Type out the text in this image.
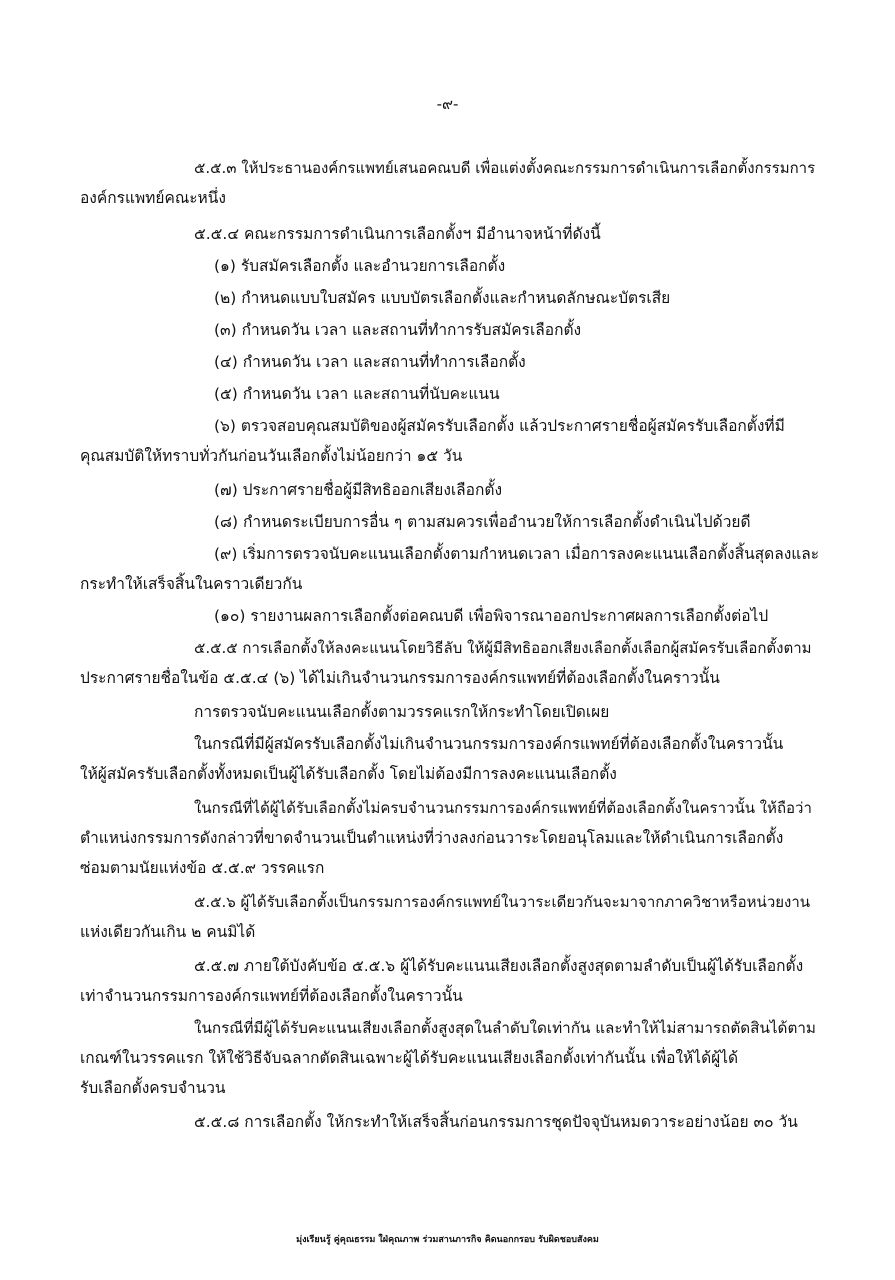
-๙-
๕.๕.๓ ให้ประธานองค์กรแพทย์เสนอคณบดี เพื่อแต่งตั้งคณะกรรมการดำเนินการเลือกตั้งกรรมการ
องค์กรแพทย์คณะหนึ่ง
๕.๕.๔ คณะกรรมการดำเนินการเลือกตั้งฯ มีอำนาจหน้าที่ดังนี้
(๑) รับสมัครเลือกตั้ง และอำนวยการเลือกตั้ง
(๒) กำหนดแบบใบสมัคร แบบบัตรเลือกตั้งและกำหนดลักษณะบัตรเสีย
(๓) กำหนดวัน เวลา และสถานที่ทำการรับสมัครเลือกตั้ง
(๔) กำหนดวัน เวลา และสถานที่ทำการเลือกตั้ง
(๕) กำหนดวัน เวลา และสถานที่นับคะแนน
(๖) ตรวจสอบคุณสมบัติของผู้สมัครรับเลือกตั้ง แล้วประกาศรายชื่อผู้สมัครรับเลือกตั้งที่มี
คุณสมบัติให้ทราบทั่วกันก่อนวันเลือกตั้งไม่น้อยกว่า ๑๕ วัน
(๗) ประกาศรายชื่อผู้มีสิทธิออกเสียงเลือกตั้ง
(๘) กำหนดระเบียบการอื่น ๆ ตามสมควรเพื่ออำนวยให้การเลือกตั้งดำเนินไปด้วยดี
(๙) เริ่มการตรวจนับคะแนนเลือกตั้งตามกำหนดเวลา เมื่อการลงคะแนนเลือกตั้งสิ้นสุดลงและ
กระทำให้เสร็จสิ้นในคราวเดียวกัน
(๑๐) รายงานผลการเลือกตั้งต่อคณบดี เพื่อพิจารณาออกประกาศผลการเลือกตั้งต่อไป
๕.๕.๕ การเลือกตั้งให้ลงคะแนนโดยวิธีลับ ให้ผู้มีสิทธิออกเสียงเลือกตั้งเลือกผู้สมัครรับเลือกตั้งตาม
ประกาศรายชื่อในข้อ ๕.๕.๔ (๖) ได้ไม่เกินจำนวนกรรมการองค์กรแพทย์ที่ต้องเลือกตั้งในคราวนั้น
การตรวจนับคะแนนเลือกตั้งตามวรรคแรกให้กระทำโดยเปิดเผย
ในกรณีที่มีผู้สมัครรับเลือกตั้งไม่เกินจำนวนกรรมการองค์กรแพทย์ที่ต้องเลือกตั้งในคราวนั้น
ให้ผู้สมัครรับเลือกตั้งทั้งหมดเป็นผู้ได้รับเลือกตั้ง โดยไม่ต้องมีการลงคะแนนเลือกตั้ง
ในกรณีที่ได้ผู้ได้รับเลือกตั้งไม่ครบจำนวนกรรมการองค์กรแพทย์ที่ต้องเลือกตั้งในคราวนั้น ให้ถือว่า
ตำแหน่งกรรมการดังกล่าวที่ขาดจำนวนเป็นตำแหน่งที่ว่างลงก่อนวาระโดยอนุโลมและให้ดำเนินการเลือกตั้ง
ซ่อมตามนัยแห่งข้อ ๕.๕.๙ วรรคแรก
๕.๕.๖ ผู้ได้รับเลือกตั้งเป็นกรรมการองค์กรแพทย์ในวาระเดียวกันจะมาจากภาควิชาหรือหน่วยงาน
แห่งเดียวกันเกิน ๒ คนมิได้
๕.๕.๗ ภายใต้บังคับข้อ ๕.๕.๖ ผู้ได้รับคะแนนเสียงเลือกตั้งสูงสุดตามลำดับเป็นผู้ได้รับเลือกตั้ง
เท่าจำนวนกรรมการองค์กรแพทย์ที่ต้องเลือกตั้งในคราวนั้น
ในกรณีที่มีผู้ได้รับคะแนนเสียงเลือกตั้งสูงสุดในลำดับใดเท่ากัน และทำให้ไม่สามารถตัดสินได้ตาม
เกณฑ์ในวรรคแรก ให้ใช้วิธีจับฉลากตัดสินเฉพาะผู้ได้รับคะแนนเสียงเลือกตั้งเท่ากันนั้น เพื่อให้ได้ผู้ได้
รับเลือกตั้งครบจำนวน
๕.๕.๘ การเลือกตั้ง ให้กระทำให้เสร็จสิ้นก่อนกรรมการชุดปัจจุบันหมดวาระอย่างน้อย ๓๐ วัน
มุ่งเรียนรู้ คู่คุณธรรม ใฝ่คุณภาพ ร่วมสานภารกิจ คิดนอกกรอบ รับผิดชอบสังคม
